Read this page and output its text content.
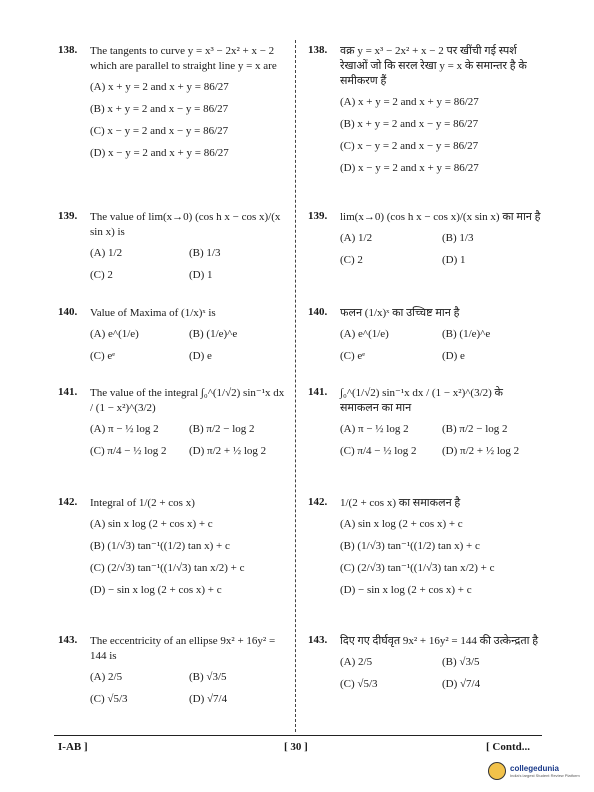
138. The tangents to curve y = x³ − 2x² + x − 2 which are parallel to straight line y = x are
(A) x + y = 2 and x + y = 86/27
(B) x + y = 2 and x − y = 86/27
(C) x − y = 2 and x − y = 86/27
(D) x − y = 2 and x + y = 86/27
139. The value of lim(x→0) (cos h x − cos x)/(x sin x) is
(A) 1/2	(B) 1/3
(C) 2	(D) 1
140. Value of Maxima of (1/x)ˣ is
(A) e^(1/e)	(B) (1/e)^e
(C) eᵉ	(D) e
141. The value of the integral ∫₀^(1/√2) sin⁻¹x dx / (1 − x²)^(3/2)
(A) π − ½ log 2	(B) π/2 − log 2
(C) π/4 − ½ log 2	(D) π/2 + ½ log 2
142. Integral of 1/(2 + cos x)
(A) sin x log (2 + cos x) + c
(B) (1/√3) tan⁻¹((1/2) tan x) + c
(C) (2/√3) tan⁻¹((1/√3) tan x/2) + c
(D) − sin x log (2 + cos x) + c
143. The eccentricity of an ellipse 9x² + 16y² = 144 is
(A) 2/5	(B) √3/5
(C) √5/3	(D) √7/4
138. वक्र y = x³ − 2x² + x − 2 पर खींची गई स्पर्श रेखाओं जो कि सरल रेखा y = x के समान्तर है के समीकरण हैं
(A) x + y = 2 and x + y = 86/27
(B) x + y = 2 and x − y = 86/27
(C) x − y = 2 and x − y = 86/27
(D) x − y = 2 and x + y = 86/27
139. lim(x→0) (cos h x − cos x)/(x sin x) का मान है
(A) 1/2	(B) 1/3
(C) 2	(D) 1
140. फलन (1/x)ˣ का उच्चिष्ट मान है
(A) e^(1/e)	(B) (1/e)^e
(C) eᵉ	(D) e
141. ∫₀^(1/√2) sin⁻¹x dx / (1 − x²)^(3/2) के समाकलन का मान
(A) π − ½ log 2	(B) π/2 − log 2
(C) π/4 − ½ log 2	(D) π/2 + ½ log 2
142. 1/(2 + cos x) का समाकलन है
(A) sin x log (2 + cos x) + c
(B) (1/√3) tan⁻¹((1/2) tan x) + c
(C) (2/√3) tan⁻¹((1/√3) tan x/2) + c
(D) − sin x log (2 + cos x) + c
143. दिए गए दीर्घवृत 9x² + 16y² = 144 की उत्केन्द्रता है
(A) 2/5	(B) √3/5
(C) √5/3	(D) √7/4
I-AB ]	[ 30 ]	[ Contd...
collegedunia
India's largest Student Review Platform
